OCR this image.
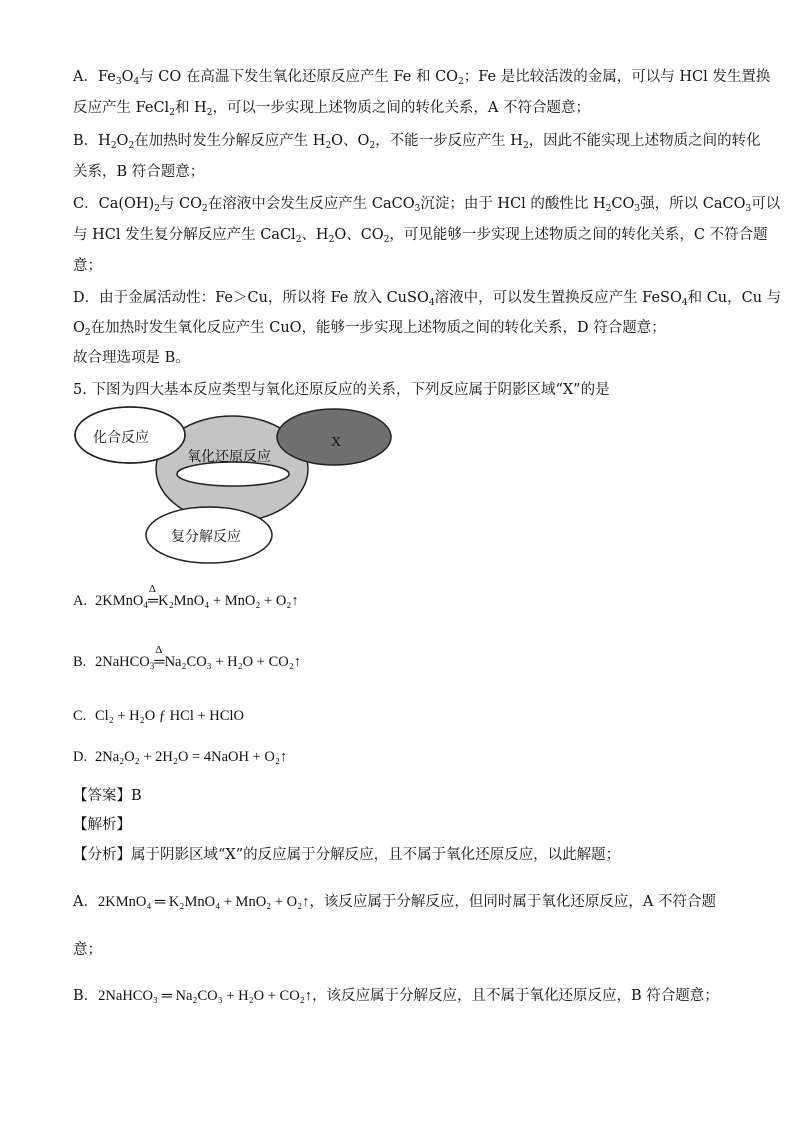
A．$Fe_3O_4$与 CO 在高温下发生氧化还原反应产生 Fe 和 $CO_2$；Fe 是比较活泼的金属，可以与 HCl 发生置换
反应产生 FeCl$_2$和 $H_2$，可以一步实现上述物质之间的转化关系，A 不符合题意；
B．$H_2O_2$在加热时发生分解反应产生 $H_2O$、$O_2$，不能一步反应产生 $H_2$，因此不能实现上述物质之间的转化
关系，B 符合题意；
C．$Ca(OH)_2$与 $CO_2$在溶液中会发生反应产生 CaCO$_3$沉淀；由于 HCl 的酸性比 $H_2CO_3$强，所以 CaCO$_3$可以
与 HCl 发生复分解反应产生 CaCl$_2$、$H_2O$、$CO_2$，可见能够一步实现上述物质之间的转化关系，C 不符合题
意；
D．由于金属活动性：Fe＞Cu，所以将 Fe 放入 CuSO$_4$溶液中，可以发生置换反应产生 FeSO$_4$和 Cu，Cu 与
$O_2$在加热时发生氧化反应产生 CuO，能够一步实现上述物质之间的转化关系，D 符合题意；
故合理选项是 B。
5. 下图为四大基本反应类型与氧化还原反应的关系，下列反应属于阴影区域“X”的是
化合反应
氧化还原反应
X
复分解反应
A. 2KMnO$_4$═
Δ
K₂MnO₄ + MnO₂ + O₂↑
B. 2NaHCO$_3$═
Δ
Na₂CO₃ + H₂O + CO₂↑
C. Cl₂ + H₂O ƒ HCl + HClO
D. 2Na₂O₂ + 2H₂O = 4NaOH + O₂↑
【答案】B
【解析】
【分析】属于阴影区域“X”的反应属于分解反应，且不属于氧化还原反应，以此解题；
A．2KMnO₄ ═ K₂MnO₄ + MnO₂ + O₂↑，该反应属于分解反应，但同时属于氧化还原反应，A 不符合题
意；
B．2NaHCO₃ ═ Na₂CO₃ + H₂O + CO₂↑，该反应属于分解反应，且不属于氧化还原反应，B 符合题意；
